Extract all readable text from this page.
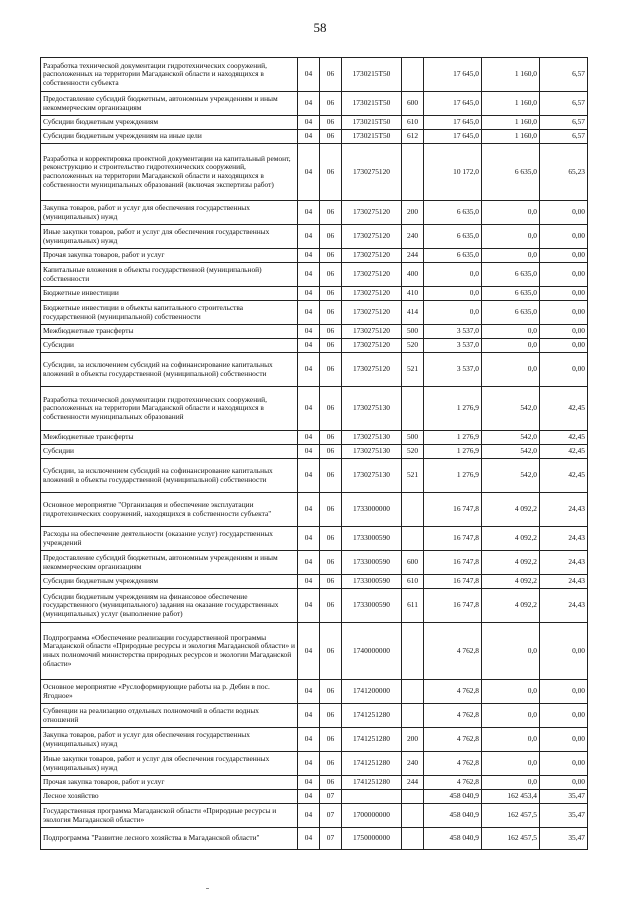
58
Разработка технической документации гидротехнических сооружений, расположенных на территории Магаданской области и находящихся в собственности субъекта	04	06	1730215Т50		17 645,0	1 160,0	6,57
Предоставление субсидий бюджетным, автономным учреждениям и иным некоммерческим организациям	04	06	1730215Т50	600	17 645,0	1 160,0	6,57
Субсидии бюджетным учреждениям	04	06	1730215Т50	610	17 645,0	1 160,0	6,57
Субсидии бюджетным учреждениям на иные цели	04	06	1730215Т50	612	17 645,0	1 160,0	6,57
Разработка и корректировка проектной документации на капитальный ремонт, реконструкцию и строительство гидротехнических сооружений, расположенных на территории Магаданской области и находящихся в собственности муниципальных образований (включая экспертизы работ)	04	06	1730275120		10 172,0	6 635,0	65,23
Закупка товаров, работ и услуг для обеспечения государственных (муниципальных) нужд	04	06	1730275120	200	6 635,0	0,0	0,00
Иные закупки товаров, работ и услуг для обеспечения государственных (муниципальных) нужд	04	06	1730275120	240	6 635,0	0,0	0,00
Прочая закупка товаров, работ и услуг	04	06	1730275120	244	6 635,0	0,0	0,00
Капитальные вложения в объекты государственной (муниципальной) собственности	04	06	1730275120	400	0,0	6 635,0	0,00
Бюджетные инвестиции	04	06	1730275120	410	0,0	6 635,0	0,00
Бюджетные инвестиции в объекты капитального строительства государственной (муниципальной) собственности	04	06	1730275120	414	0,0	6 635,0	0,00
Межбюджетные трансферты	04	06	1730275120	500	3 537,0	0,0	0,00
Субсидии	04	06	1730275120	520	3 537,0	0,0	0,00
Субсидии, за исключением субсидий на софинансирование капитальных вложений в объекты государственной (муниципальной) собственности	04	06	1730275120	521	3 537,0	0,0	0,00
Разработка технической документации гидротехнических сооружений, расположенных на территории Магаданской области и находящихся в собственности муниципальных образований	04	06	1730275130		1 276,9	542,0	42,45
Межбюджетные трансферты	04	06	1730275130	500	1 276,9	542,0	42,45
Субсидии	04	06	1730275130	520	1 276,9	542,0	42,45
Субсидии, за исключением субсидий на софинансирование капитальных вложений в объекты государственной (муниципальной) собственности	04	06	1730275130	521	1 276,9	542,0	42,45
Основное мероприятие "Организация и обеспечение эксплуатации гидротехнических сооружений, находящихся в собственности субъекта"	04	06	1733000000		16 747,8	4 092,2	24,43
Расходы на обеспечение деятельности (оказание услуг) государственных учреждений	04	06	1733000590		16 747,8	4 092,2	24,43
Предоставление субсидий бюджетным, автономным учреждениям и иным некоммерческим организациям	04	06	1733000590	600	16 747,8	4 092,2	24,43
Субсидии бюджетным учреждениям	04	06	1733000590	610	16 747,8	4 092,2	24,43
Субсидии бюджетным учреждениям на финансовое обеспечение государственного (муниципального) задания на оказание государственных (муниципальных) услуг (выполнение работ)	04	06	1733000590	611	16 747,8	4 092,2	24,43
Подпрограмма «Обеспечение реализации государственной программы Магаданской области «Природные ресурсы и экология Магаданской области» и иных полномочий министерства природных ресурсов и экологии Магаданской области»	04	06	1740000000		4 762,8	0,0	0,00
Основное мероприятие «Руслоформирующие работы на р. Дебин в пос. Ягодное»	04	06	1741200000		4 762,8	0,0	0,00
Субвенции на реализацию отдельных полномочий в области водных отношений	04	06	1741251280		4 762,8	0,0	0,00
Закупка товаров, работ и услуг для обеспечения государственных (муниципальных) нужд	04	06	1741251280	200	4 762,8	0,0	0,00
Иные закупки товаров, работ и услуг для обеспечения государственных (муниципальных) нужд	04	06	1741251280	240	4 762,8	0,0	0,00
Прочая закупка товаров, работ и услуг	04	06	1741251280	244	4 762,8	0,0	0,00
Лесное хозяйство	04	07			458 040,9	162 453,4	35,47
Государственная программа Магаданской области «Природные ресурсы и экология Магаданской области»	04	07	1700000000		458 040,9	162 457,5	35,47
Подпрограмма "Развитие лесного хозяйства в Магаданской области"	04	07	1750000000		458 040,9	162 457,5	35,47
